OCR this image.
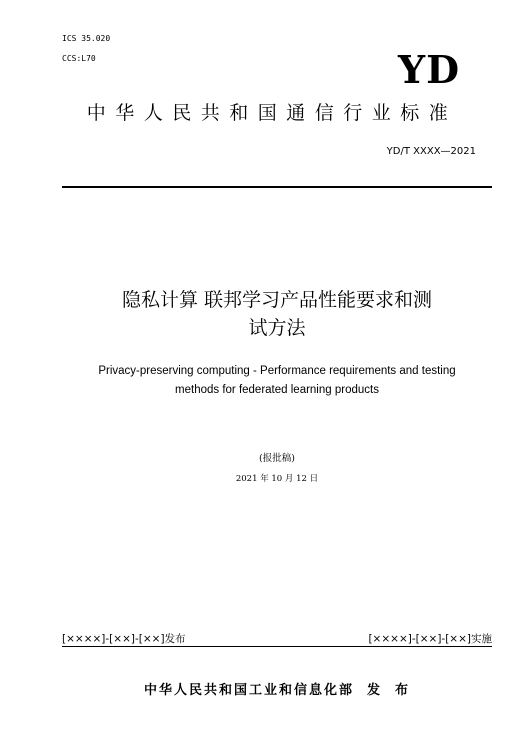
ICS 35.020
CCS:L70	YD
中华人民共和国通信行业标准
YD/T XXXX—2021
隐私计算 联邦学习产品性能要求和测
试方法
Privacy-preserving computing - Performance requirements and testing
methods for federated learning products
(报批稿)
2021 年 10 月 12 日
[××××]-[××]-[××]发布	[××××]-[××]-[××]实施
中华人民共和国工业和信息化部  发  布
